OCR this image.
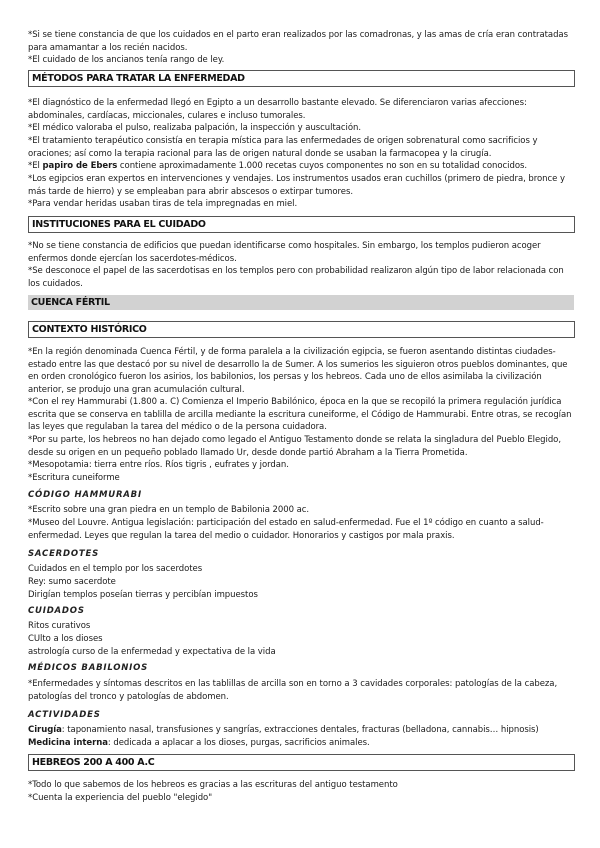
*Si se tiene constancia de que los cuidados en el parto eran realizados por las comadronas, y las amas de cría eran contratadas para amamantar a los recién nacidos.

*El cuidado de los ancianos tenía rango de ley.

MÉTODOS PARA TRATAR LA ENFERMEDAD

*El diagnóstico de la enfermedad llegó en Egipto a un desarrollo bastante elevado. Se diferenciaron varias afecciones: abdominales, cardíacas, miccionales, culares e incluso tumorales.

*El médico valoraba el pulso, realizaba palpación, la inspección y auscultación.

*El tratamiento terapéutico consistía en terapia mística para las enfermedades de origen sobrenatural como sacrificios y oraciones; así como la terapia racional para las de origen natural donde se usaban la farmacopea y la cirugía.

*El papiro de Ebers contiene aproximadamente 1.000 recetas cuyos componentes no son en su totalidad conocidos.

*Los egipcios eran expertos en intervenciones y vendajes. Los instrumentos usados eran cuchillos (primero de piedra, bronce y más tarde de hierro) y se empleaban para abrir abscesos o extirpar tumores.

*Para vendar heridas usaban tiras de tela impregnadas en miel.

INSTITUCIONES PARA EL CUIDADO

*No se tiene constancia de edificios que puedan identificarse como hospitales. Sin embargo, los templos pudieron acoger enfermos donde ejercían los sacerdotes-médicos.

*Se desconoce el papel de las sacerdotisas en los templos pero con probabilidad realizaron algún tipo de labor relacionada con los cuidados.

CUENCA FÉRTIL
CONTEXTO HISTÓRICO

*En la región denominada Cuenca Fértil, y de forma paralela a la civilización egipcia, se fueron asentando distintas ciudades-estado entre las que destacó por su nivel de desarrollo la de Sumer. A los sumerios les siguieron otros pueblos dominantes, que en orden cronológico fueron los asirios, los babilonios, los persas y los hebreos. Cada uno de ellos asimilaba la civilización anterior, se produjo una gran acumulación cultural.

*Con el rey Hammurabi (1.800 a. C) Comienza el Imperio Babilónico, época en la que se recopiló la primera regulación jurídica escrita que se conserva en tablilla de arcilla mediante la escritura cuneiforme, el Código de Hammurabi. Entre otras, se recogían las leyes que regulaban la tarea del médico o de la persona cuidadora.

*Por su parte, los hebreos no han dejado como legado el Antiguo Testamento donde se relata la singladura del Pueblo Elegido, desde su origen en un pequeño poblado llamado Ur, desde donde partió Abraham a la Tierra Prometida.

*Mesopotamia: tierra entre ríos. Ríos tigris , eufrates y jordan.

*Escritura cuneiforme

CÓDIGO HAMMURABI

*Escrito sobre una gran piedra en un templo de Babilonia 2000 ac.

*Museo del Louvre. Antigua legislación: participación del estado en salud-enfermedad. Fue el 1º código en cuanto a salud-enfermedad. Leyes que regulan la tarea del medio o cuidador. Honorarios y castigos por mala praxis.

SACERDOTES

Cuidados en el templo por los sacerdotes

Rey: sumo sacerdote

Dirigían templos poseían tierras y percibían impuestos

CUIDADOS

Ritos curativos

CUlto a los dioses

astrología curso de la enfermedad y expectativa de la vida

MÉDICOS BABILONIOS

*Enfermedades y síntomas descritos en las tablillas de arcilla son en torno a 3 cavidades corporales: patologías de la cabeza, patologías del tronco y patologías de abdomen.

ACTIVIDADES

Cirugía: taponamiento nasal, transfusiones y sangrías, extracciones dentales, fracturas (belladona, cannabis… hipnosis)

Medicina interna: dedicada a aplacar a los dioses, purgas, sacrificios animales.

HEBREOS 200 A 400 A.C

*Todo lo que sabemos de los hebreos es gracias a las escrituras del antiguo testamento

*Cuenta la experiencia del pueblo "elegido"
